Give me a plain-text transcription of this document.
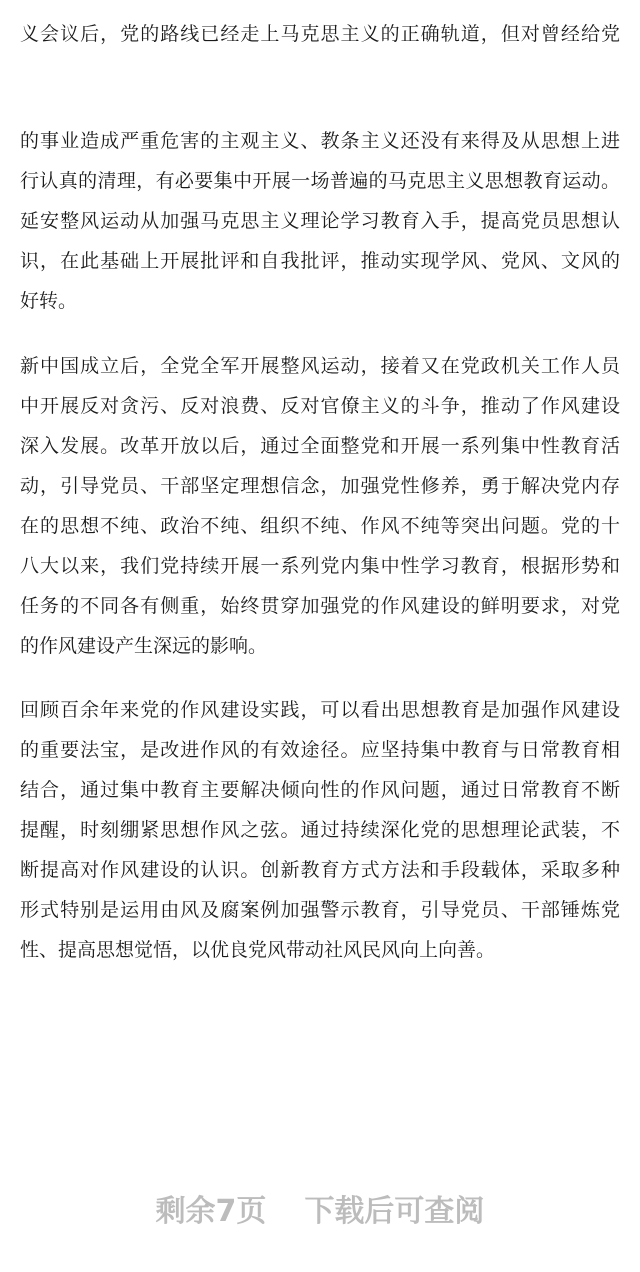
义会议后，党的路线已经走上马克思主义的正确轨道，但对曾经给党
的事业造成严重危害的主观主义、教条主义还没有来得及从思想上进
行认真的清理，有必要集中开展一场普遍的马克思主义思想教育运动。
延安整风运动从加强马克思主义理论学习教育入手，提高党员思想认
识，在此基础上开展批评和自我批评，推动实现学风、党风、文风的
好转。
新中国成立后，全党全军开展整风运动，接着又在党政机关工作人员
中开展反对贪污、反对浪费、反对官僚主义的斗争，推动了作风建设
深入发展。改革开放以后，通过全面整党和开展一系列集中性教育活
动，引导党员、干部坚定理想信念，加强党性修养，勇于解决党内存
在的思想不纯、政治不纯、组织不纯、作风不纯等突出问题。党的十
八大以来，我们党持续开展一系列党内集中性学习教育，根据形势和
任务的不同各有侧重，始终贯穿加强党的作风建设的鲜明要求，对党
的作风建设产生深远的影响。
回顾百余年来党的作风建设实践，可以看出思想教育是加强作风建设
的重要法宝，是改进作风的有效途径。应坚持集中教育与日常教育相
结合，通过集中教育主要解决倾向性的作风问题，通过日常教育不断
提醒，时刻绷紧思想作风之弦。通过持续深化党的思想理论武装，不
断提高对作风建设的认识。创新教育方式方法和手段载体，采取多种
形式特别是运用由风及腐案例加强警示教育，引导党员、干部锤炼党
性、提高思想觉悟，以优良党风带动社风民风向上向善。
剩余7页 下载后可查阅
